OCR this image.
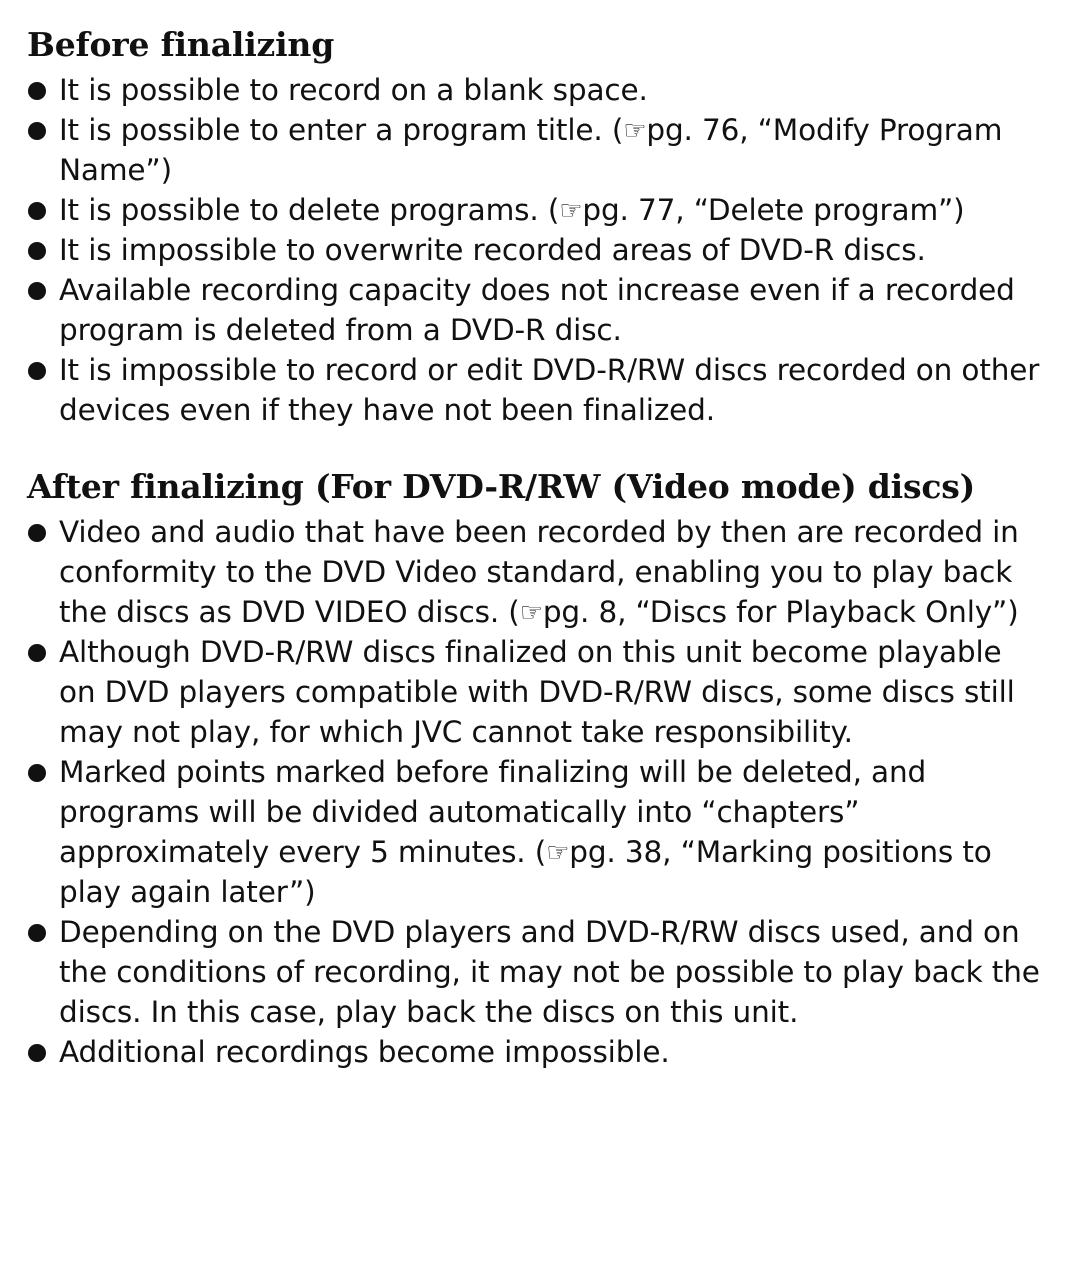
Before finalizing
It is possible to record on a blank space.
It is possible to enter a program title. (☞pg. 76, “Modify Program Name”)
It is possible to delete programs. (☞pg. 77, “Delete program”)
It is impossible to overwrite recorded areas of DVD-R discs.
Available recording capacity does not increase even if a recorded program is deleted from a DVD-R disc.
It is impossible to record or edit DVD-R/RW discs recorded on other devices even if they have not been finalized.
After finalizing (For DVD-R/RW (Video mode) discs)
Video and audio that have been recorded by then are recorded in conformity to the DVD Video standard, enabling you to play back the discs as DVD VIDEO discs. (☞pg. 8, “Discs for Playback Only”)
Although DVD-R/RW discs finalized on this unit become playable on DVD players compatible with DVD-R/RW discs, some discs still may not play, for which JVC cannot take responsibility.
Marked points marked before finalizing will be deleted, and programs will be divided automatically into “chapters” approximately every 5 minutes. (☞pg. 38, “Marking positions to play again later”)
Depending on the DVD players and DVD-R/RW discs used, and on the conditions of recording, it may not be possible to play back the discs. In this case, play back the discs on this unit.
Additional recordings become impossible.
